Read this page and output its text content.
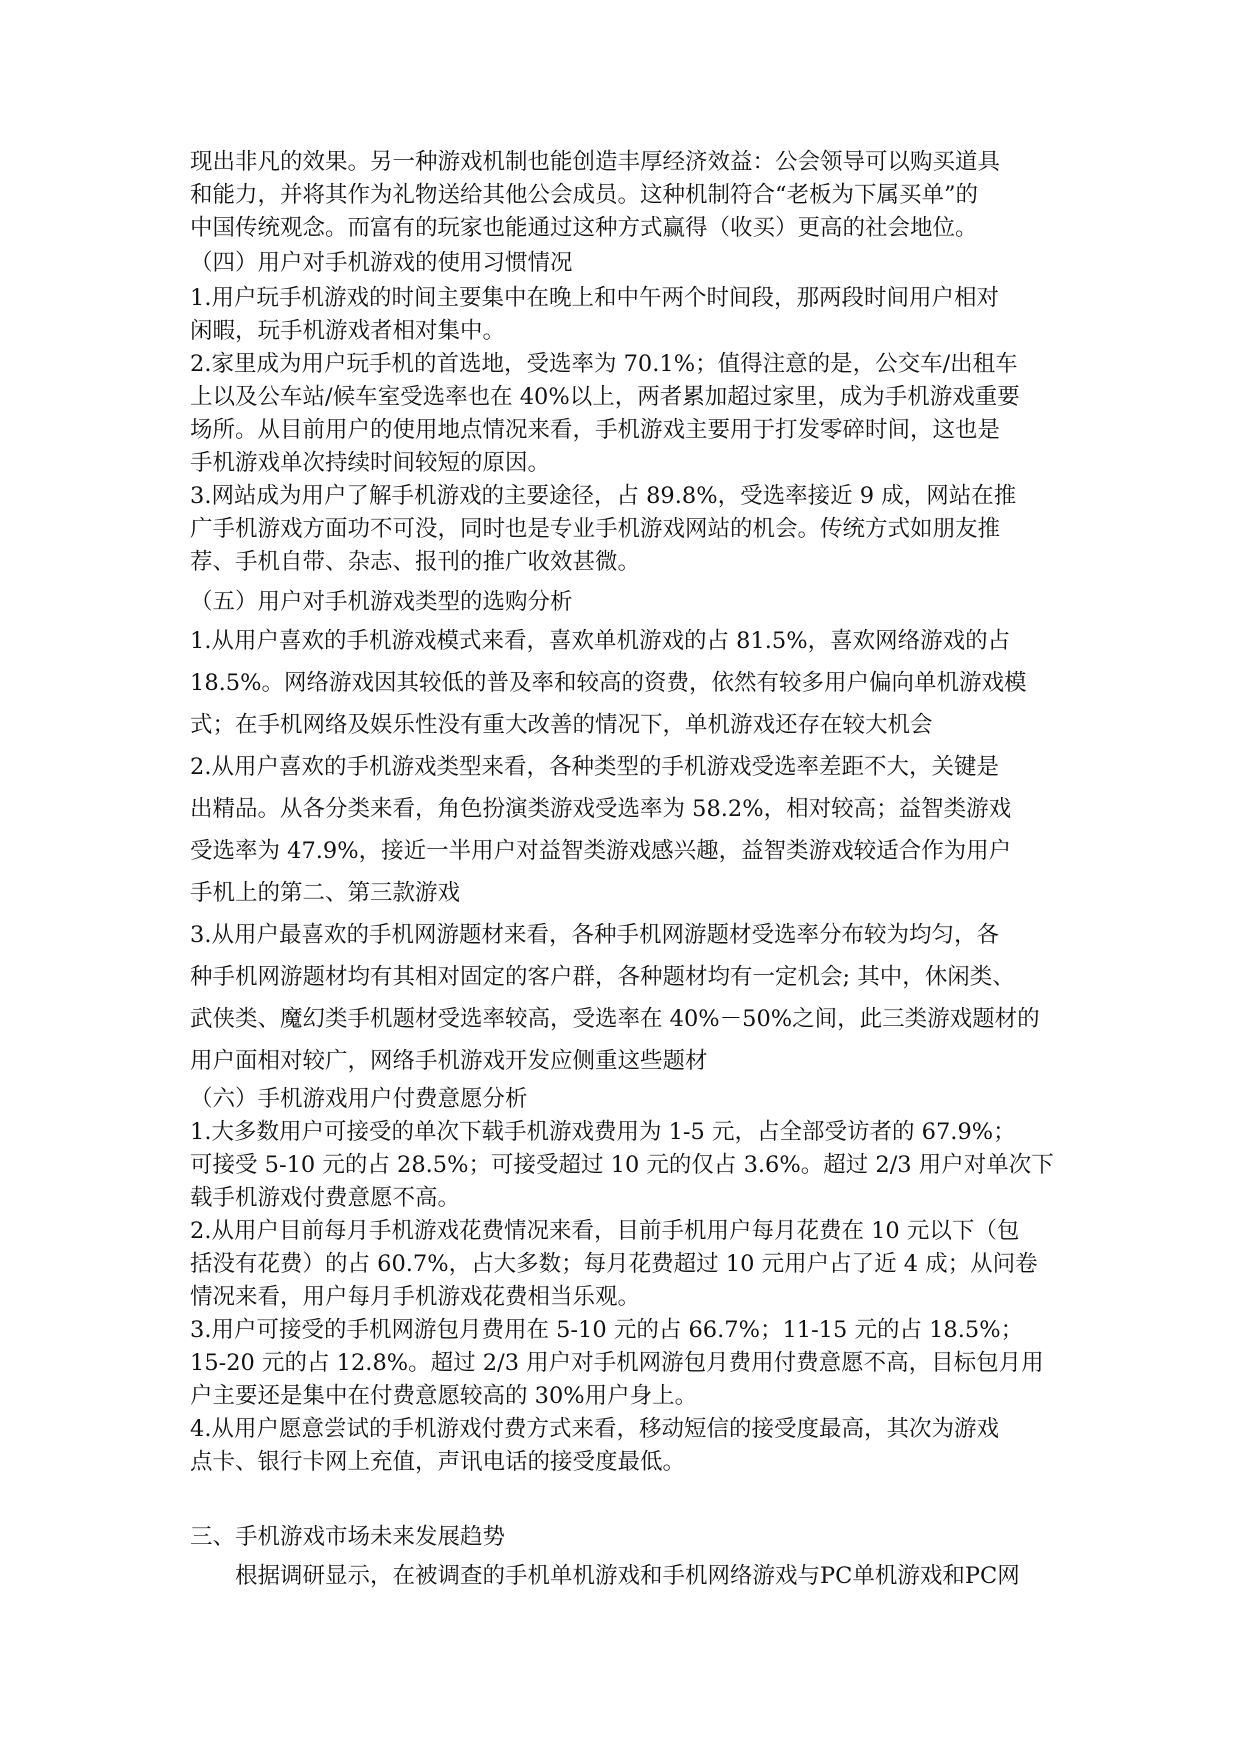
现出非凡的效果。另一种游戏机制也能创造丰厚经济效益：公会领导可以购买道具

和能力，并将其作为礼物送给其他公会成员。这种机制符合“老板为下属买单”的

中国传统观念。而富有的玩家也能通过这种方式赢得（收买）更高的社会地位。

（四）用户对手机游戏的使用习惯情况

1.用户玩手机游戏的时间主要集中在晚上和中午两个时间段，那两段时间用户相对

闲暇，玩手机游戏者相对集中。

2.家里成为用户玩手机的首选地，受选率为 70.1%；值得注意的是，公交车/出租车

上以及公车站/候车室受选率也在 40%以上，两者累加超过家里，成为手机游戏重要

场所。从目前用户的使用地点情况来看，手机游戏主要用于打发零碎时间，这也是

手机游戏单次持续时间较短的原因。

3.网站成为用户了解手机游戏的主要途径，占 89.8%，受选率接近 9 成，网站在推

广手机游戏方面功不可没，同时也是专业手机游戏网站的机会。传统方式如朋友推

荐、手机自带、杂志、报刊的推广收效甚微。

（五）用户对手机游戏类型的选购分析

1.从用户喜欢的手机游戏模式来看，喜欢单机游戏的占 81.5%，喜欢网络游戏的占

18.5%。网络游戏因其较低的普及率和较高的资费，依然有较多用户偏向单机游戏模

式；在手机网络及娱乐性没有重大改善的情况下，单机游戏还存在较大机会

2.从用户喜欢的手机游戏类型来看，各种类型的手机游戏受选率差距不大，关键是

出精品。从各分类来看，角色扮演类游戏受选率为 58.2%，相对较高；益智类游戏

受选率为 47.9%，接近一半用户对益智类游戏感兴趣，益智类游戏较适合作为用户

手机上的第二、第三款游戏

3.从用户最喜欢的手机网游题材来看，各种手机网游题材受选率分布较为均匀，各

种手机网游题材均有其相对固定的客户群，各种题材均有一定机会; 其中，休闲类、

武侠类、魔幻类手机题材受选率较高，受选率在 40%－50%之间，此三类游戏题材的

用户面相对较广，网络手机游戏开发应侧重这些题材

（六）手机游戏用户付费意愿分析

1.大多数用户可接受的单次下载手机游戏费用为 1-5 元，占全部受访者的 67.9%；

可接受 5-10 元的占 28.5%；可接受超过 10 元的仅占 3.6%。超过 2/3 用户对单次下

载手机游戏付费意愿不高。

2.从用户目前每月手机游戏花费情况来看，目前手机用户每月花费在 10 元以下（包

括没有花费）的占 60.7%，占大多数；每月花费超过 10 元用户占了近 4 成；从问卷

情况来看，用户每月手机游戏花费相当乐观。

3.用户可接受的手机网游包月费用在 5-10 元的占 66.7%；11-15 元的占 18.5%；

15-20 元的占 12.8%。超过 2/3 用户对手机网游包月费用付费意愿不高，目标包月用

户主要还是集中在付费意愿较高的 30%用户身上。

4.从用户愿意尝试的手机游戏付费方式来看，移动短信的接受度最高，其次为游戏

点卡、银行卡网上充值，声讯电话的接受度最低。

三、手机游戏市场未来发展趋势

根据调研显示，在被调查的手机单机游戏和手机网络游戏与PC单机游戏和PC网
